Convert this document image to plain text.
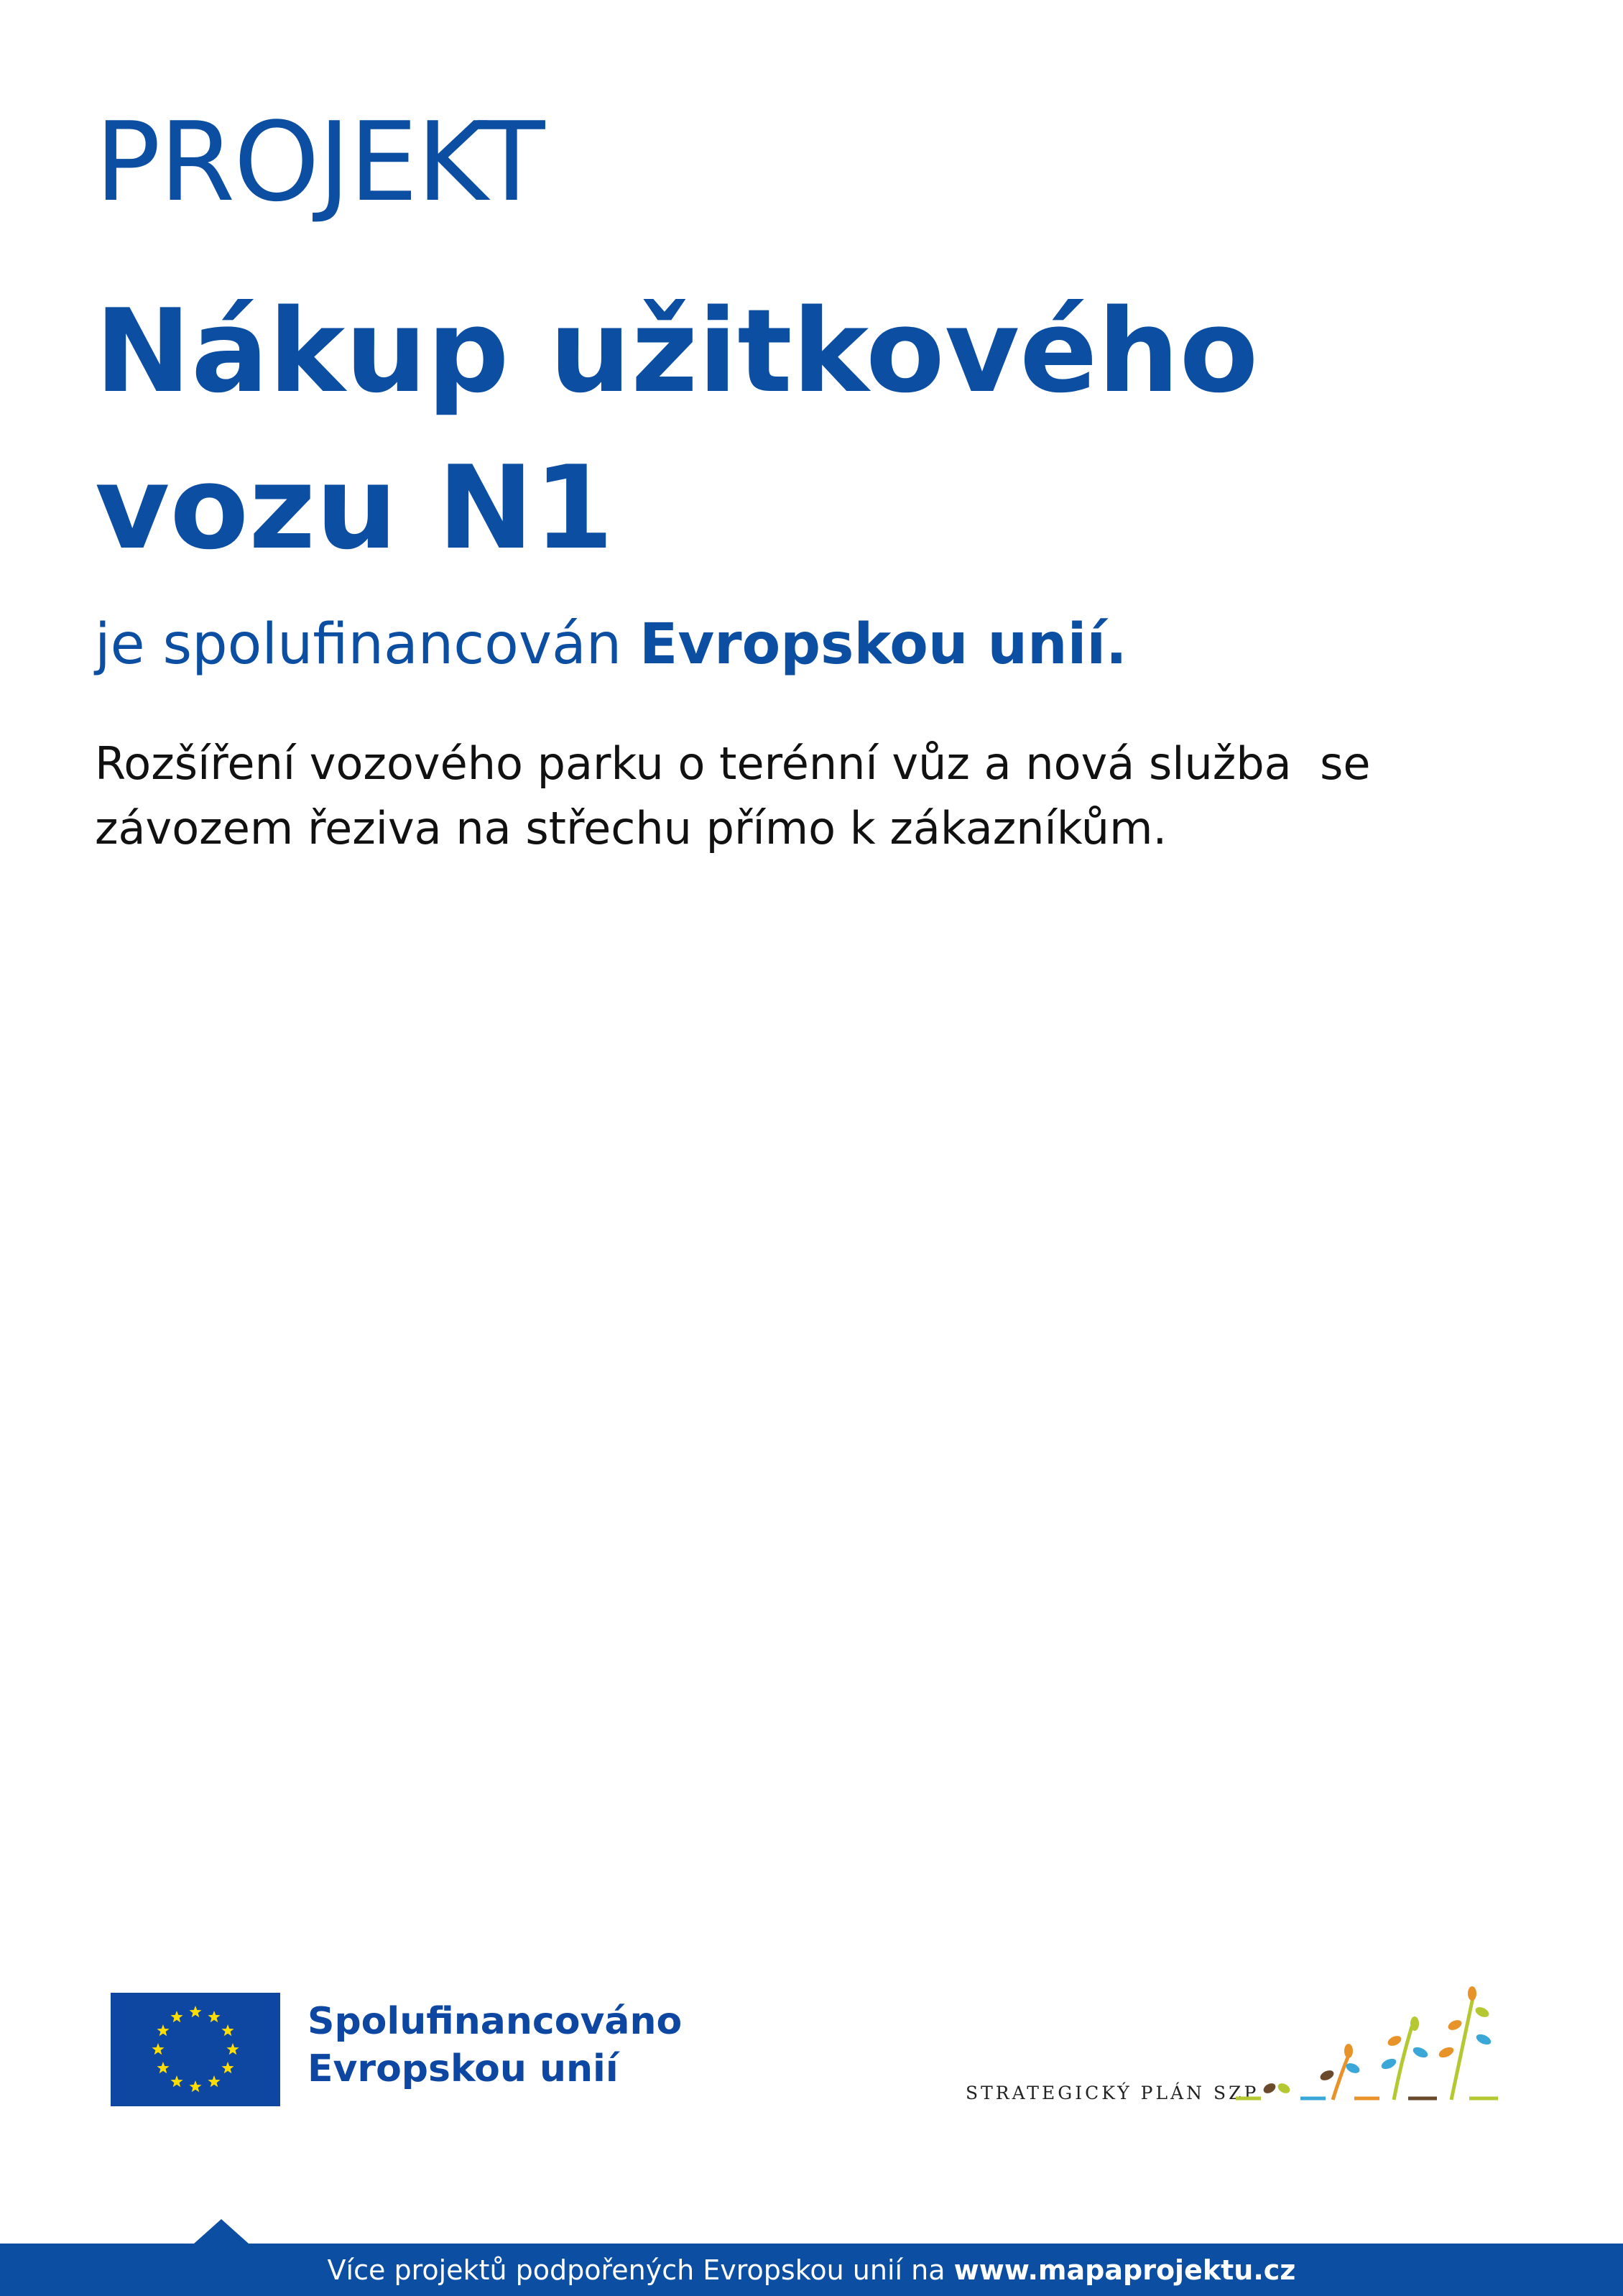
PROJEKT
Nákup užitkového vozu N1
je spolufinancován Evropskou unií.
Rozšíření vozového parku o terénní vůz a nová služba  se závozem řeziva na střechu přímo k zákazníkům.
Spolufinancováno
Evropskou unií
STRATEGICKÝ PLÁN SZP
Více projektů podpořených Evropskou unií na www.mapaprojektu.cz
